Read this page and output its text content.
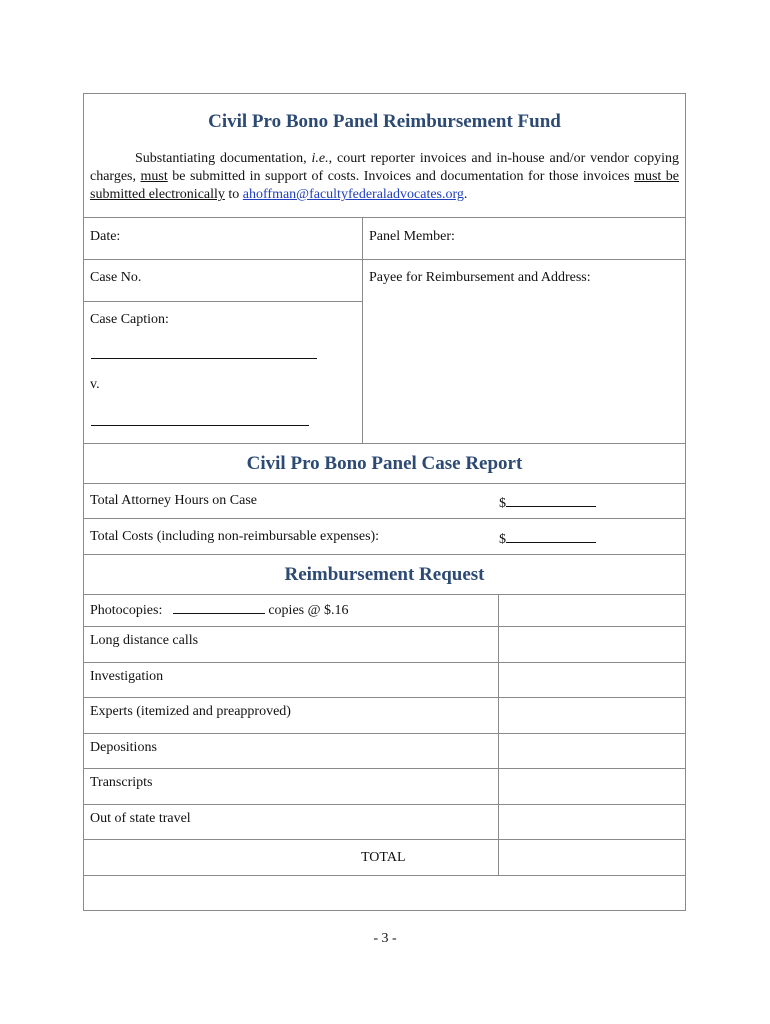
Civil Pro Bono Panel Reimbursement Fund
Substantiating documentation, i.e., court reporter invoices and in-house and/or vendor copying charges, must be submitted in support of costs. Invoices and documentation for those invoices must be submitted electronically to ahoffman@facultyfederaladvocates.org.
Date:	Panel Member:
Case No.	Payee for Reimbursement and Address:
Case Caption:
v.
Civil Pro Bono Panel Case Report
Total Attorney Hours on Case	$
Total Costs (including non-reimbursable expenses):	$
Reimbursement Request
Photocopies:	copies @ $.16
Long distance calls
Investigation
Experts (itemized and preapproved)
Depositions
Transcripts
Out of state travel
TOTAL
- 3 -
